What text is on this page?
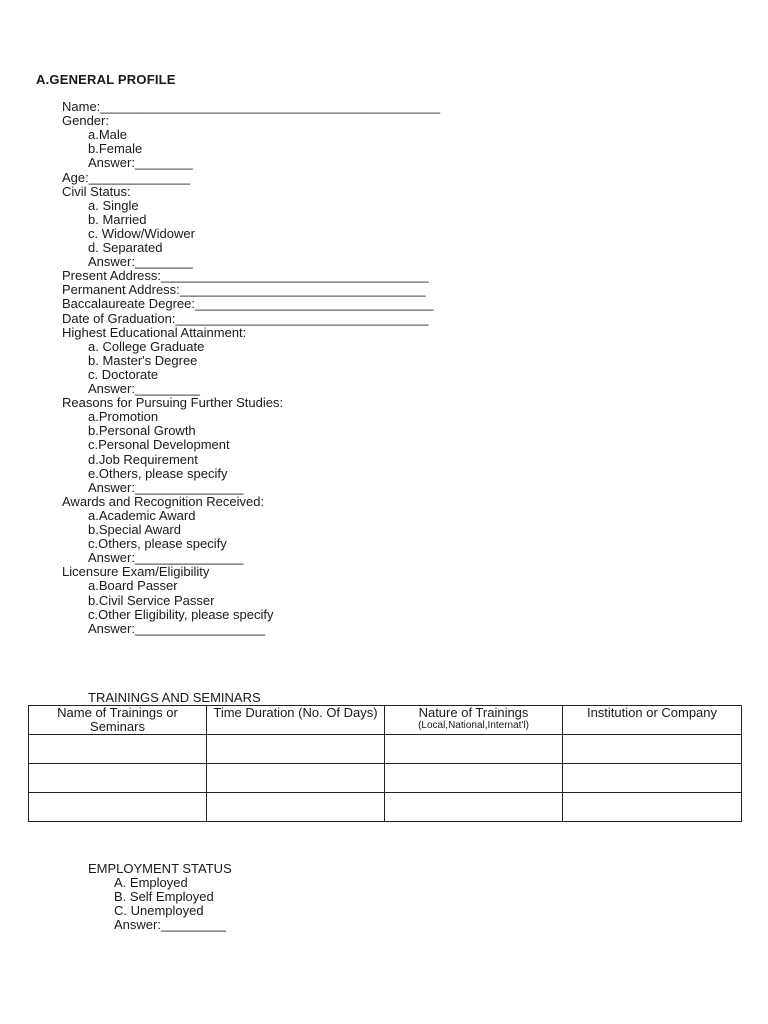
A.GENERAL PROFILE
Name:_______________________________________________
Gender:
a.Male
b.Female
Answer:________
Age:______________
Civil Status:
a. Single
b. Married
c. Widow/Widower
d. Separated
Answer:________
Present Address:_____________________________________
Permanent Address:__________________________________
Baccalaureate Degree:_________________________________
Date of Graduation:___________________________________
Highest Educational Attainment:
a. College Graduate
b. Master's Degree
c. Doctorate
Answer:_________
Reasons for Pursuing Further Studies:
a.Promotion
b.Personal Growth
c.Personal Development
d.Job Requirement
e.Others, please specify
Answer:_______________
Awards and Recognition Received:
a.Academic Award
b.Special Award
c.Others, please specify
Answer:_______________
Licensure Exam/Eligibility
a.Board Passer
b.Civil Service Passer
c.Other Eligibility, please specify
Answer:__________________
TRAININGS AND SEMINARS
Name of Trainings or Seminars	Time Duration (No. Of Days)	Nature of Trainings
(Local,National,Internat'l)	Institution or Company

EMPLOYMENT STATUS
A. Employed
B. Self Employed
C. Unemployed
Answer:_________
